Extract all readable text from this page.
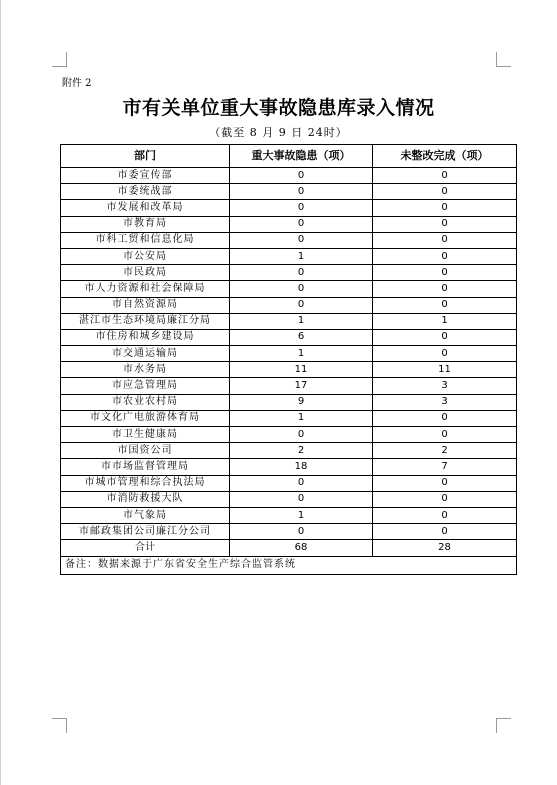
附件 2
市有关单位重大事故隐患库录入情况
（截至 8 月 9 日 24时）
部门	重大事故隐患（项）	未整改完成（项）
市委宣传部	0	0
市委统战部	0	0
市发展和改革局	0	0
市教育局	0	0
市科工贸和信息化局	0	0
市公安局	1	0
市民政局	0	0
市人力资源和社会保障局	0	0
市自然资源局	0	0
湛江市生态环境局廉江分局	1	1
市住房和城乡建设局	6	0
市交通运输局	1	0
市水务局	11	11
市应急管理局	17	3
市农业农村局	9	3
市文化广电旅游体育局	1	0
市卫生健康局	0	0
市国资公司	2	2
市市场监督管理局	18	7
市城市管理和综合执法局	0	0
市消防救援大队	0	0
市气象局	1	0
市邮政集团公司廉江分公司	0	0
合计	68	28
备注：数据来源于广东省安全生产综合监管系统		
